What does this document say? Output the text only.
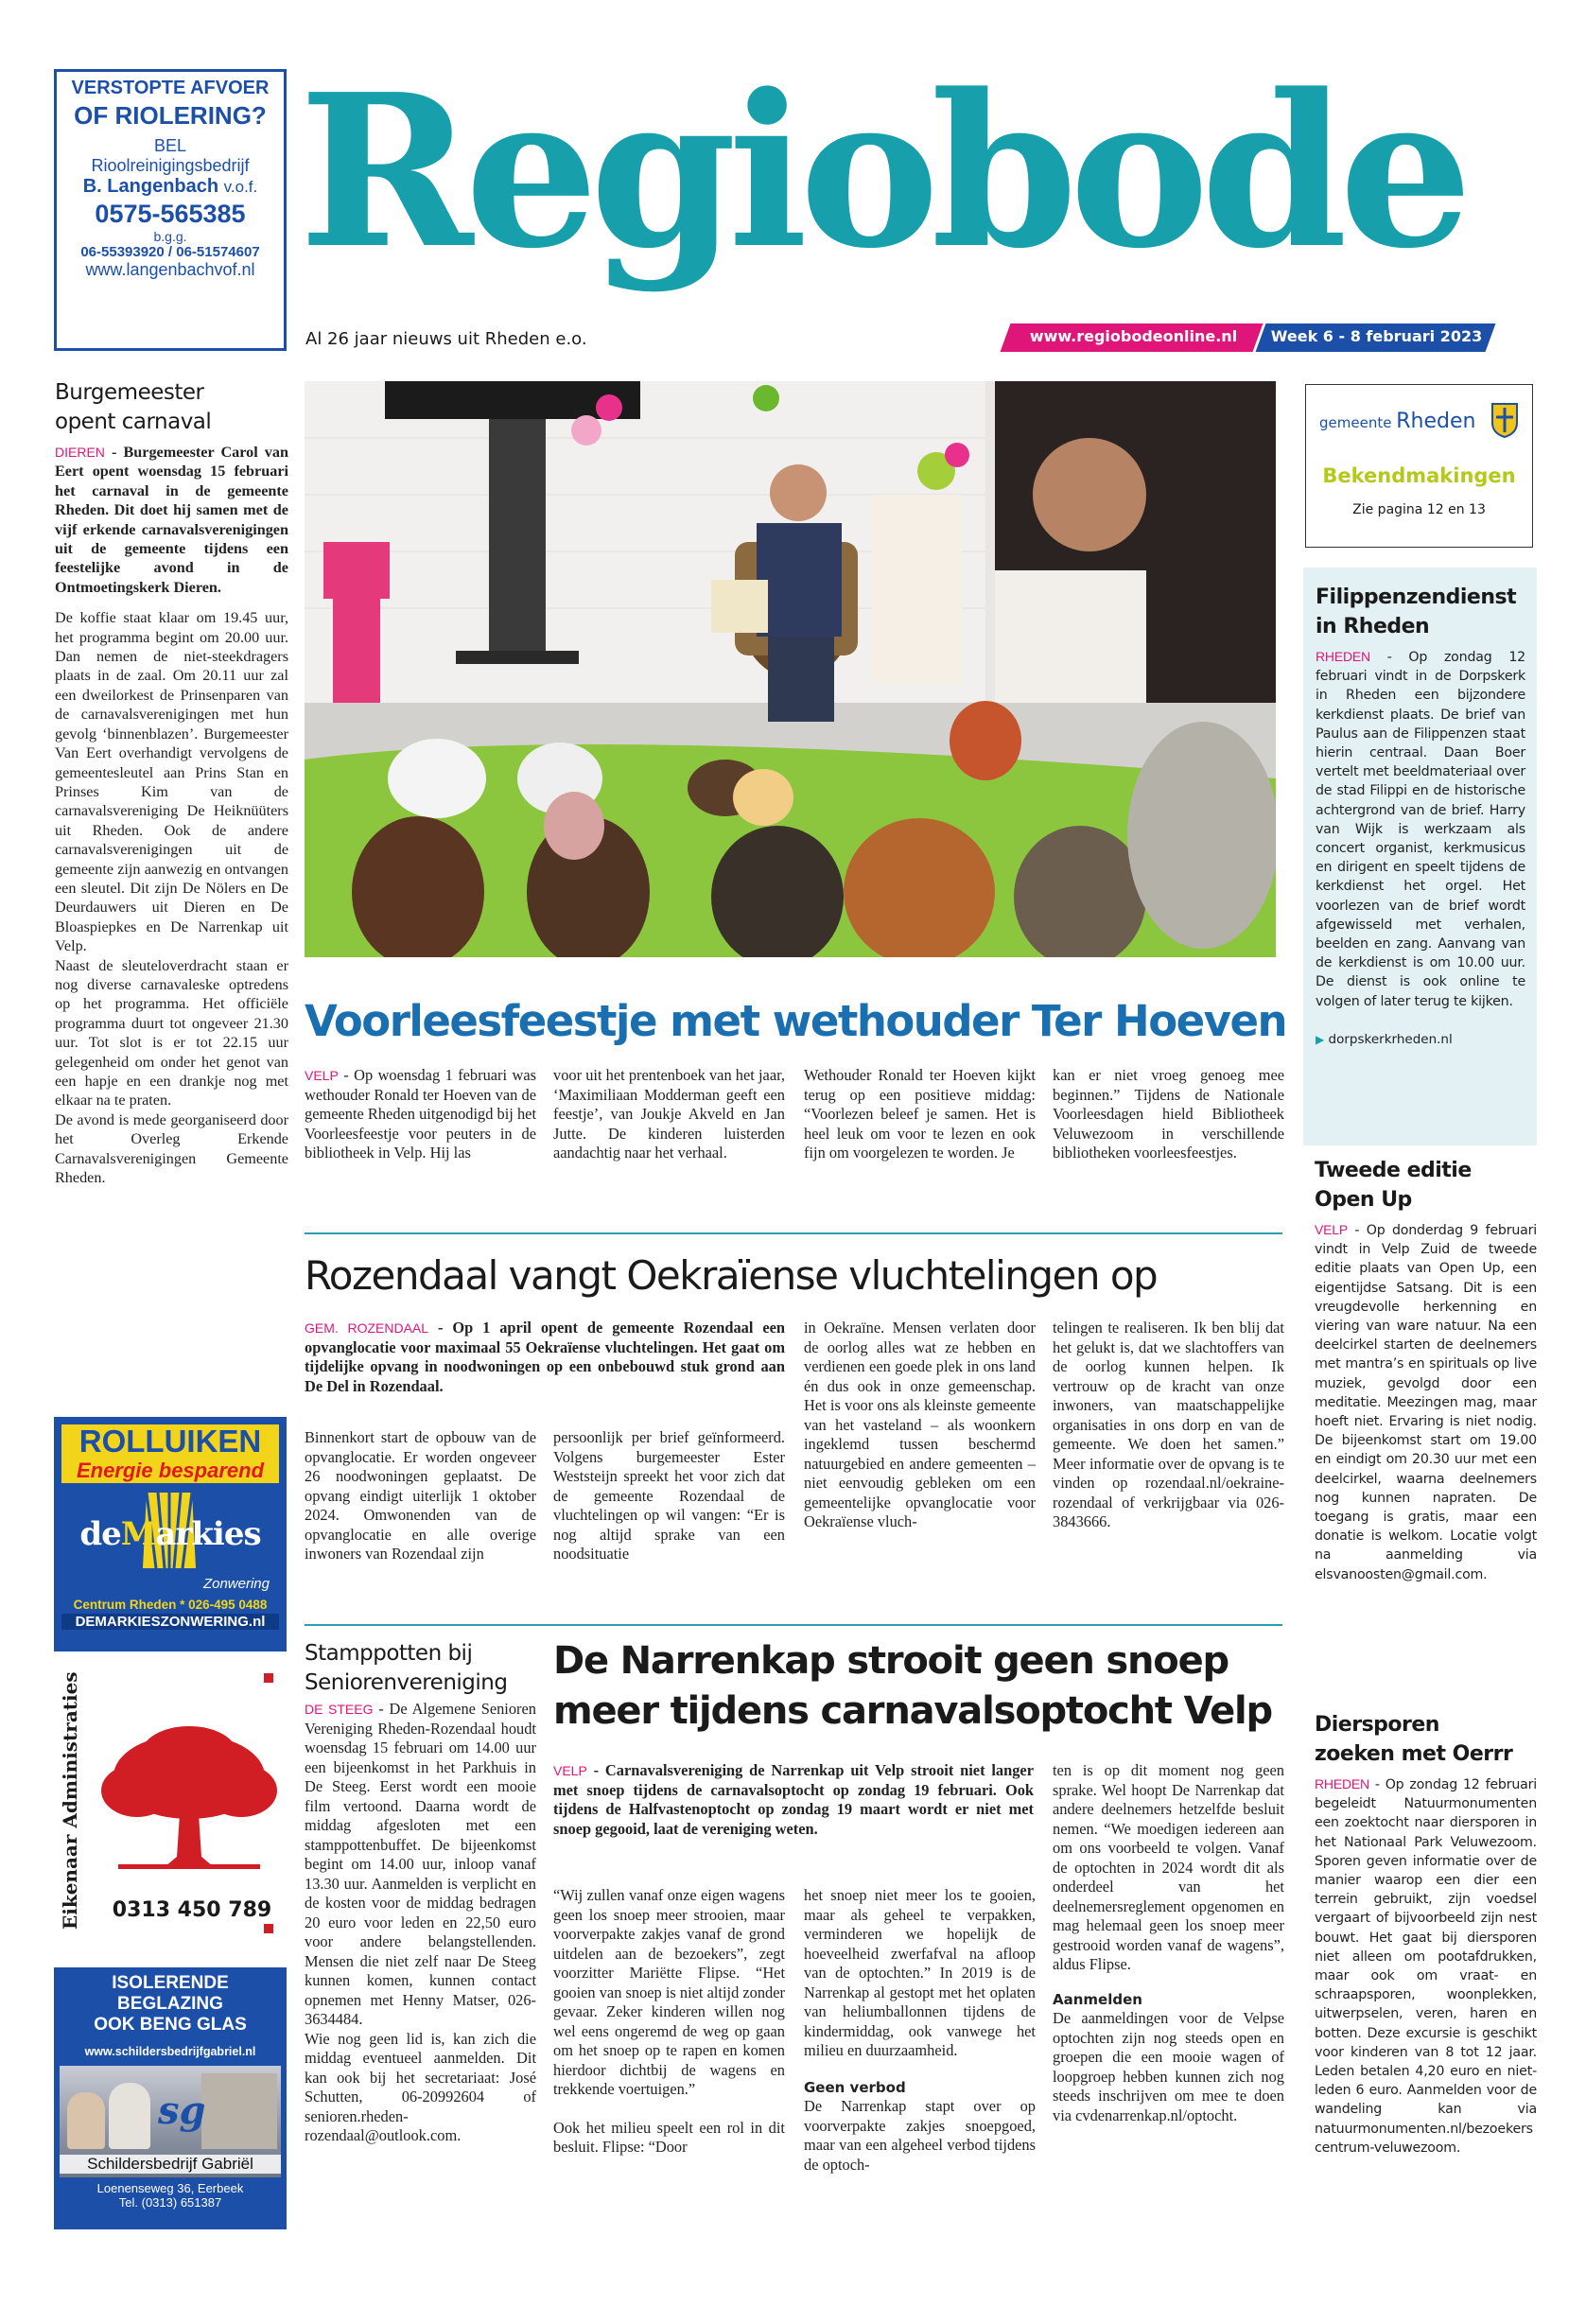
VERSTOPTE AFVOER
OF RIOLERING?
BEL
Rioolreinigingsbedrijf
B. Langenbach v.o.f.
0575-565385
b.g.g.
06-55393920 / 06-51574607
www.langenbachvof.nl Regiobode
Al 26 jaar nieuws uit Rheden e.o.	www.regiobodeonline.nl	Week 6 - 8 februari 2023
gemeente Rheden
Bekendmakingen
Zie pagina 12 en 13
Burgemeester
opent carnaval

DIEREN - Burgemeester Carol van Eert opent woensdag 15 februari het carnaval in de gemeente Rheden. Dit doet hij samen met de vijf erkende carnavalsverenigingen uit de gemeente tijdens een feestelijke avond in de Ontmoetingskerk Dieren.

De koffie staat klaar om 19.45 uur, het programma begint om 20.00 uur. Dan nemen de niet-steekdragers plaats in de zaal. Om 20.11 uur zal een dweilorkest de Prinsenparen van de carnavalsverenigingen met hun gevolg ‘binnenblazen’. Burgemeester Van Eert overhandigt vervolgens de gemeentesleutel aan Prins Stan en Prinses Kim van de carnavalsvereniging De Heiknüüters uit Rheden. Ook de andere carnavalsverenigingen uit de gemeente zijn aanwezig en ontvangen een sleutel. Dit zijn De Nölers en De Deurdauwers uit Dieren en De Bloaspiepkes en De Narrenkap uit Velp.

Naast de sleuteloverdracht staan er nog diverse carnavaleske optredens op het programma. Het officiële programma duurt tot ongeveer 21.30 uur. Tot slot is er tot 22.15 uur gelegenheid om onder het genot van een hapje en een drankje nog met elkaar na te praten.

De avond is mede georganiseerd door het Overleg Erkende Carnavalsverenigingen Gemeente Rheden.

ROLLUIKEN
Energie besparend
deMarkies
Zonwering
Centrum Rheden * 026-495 0488
DEMARKIESZONWERING.nl
Eikenaar Administraties 0313 450 789
ISOLERENDE
BEGLAZING
OOK BENG GLAS
www.schildersbedrijfgabriel.nl
sg
Schildersbedrijf Gabriël
Loenenseweg 36, Eerbeek
Tel. (0313) 651387
Voorleesfeestje met wethouder Ter Hoeven
VELP - Op woensdag 1 februari was wethouder Ronald ter Hoeven van de gemeente Rheden uitgenodigd bij het Voorleesfeestje voor peuters in de bibliotheek in Velp. Hij las
voor uit het prentenboek van het jaar, ‘Maximiliaan Modderman geeft een feestje’, van Joukje Akveld en Jan Jutte. De kinderen luisterden aandachtig naar het verhaal.
Wethouder Ronald ter Hoeven kijkt terug op een positieve middag: “Voorlezen beleef je samen. Het is heel leuk om voor te lezen en ook fijn om voorgelezen te worden. Je
kan er niet vroeg genoeg mee beginnen.” Tijdens de Nationale Voorleesdagen hield Bibliotheek Veluwezoom in verschillende bibliotheken voorleesfeestjes.
Rozendaal vangt Oekraïense vluchtelingen op
GEM. ROZENDAAL - Op 1 april opent de gemeente Rozendaal een opvanglocatie voor maximaal 55 Oekraïense vluchtelingen. Het gaat om tijdelijke opvang in noodwoningen op een onbebouwd stuk grond aan De Del in Rozendaal.
Binnenkort start de opbouw van de opvanglocatie. Er worden ongeveer 26 noodwoningen geplaatst. De opvang eindigt uiterlijk 1 oktober 2024. Omwonenden van de opvanglocatie en alle overige inwoners van Rozendaal zijn
persoonlijk per brief geïnformeerd. Volgens burgemeester Ester Weststeijn spreekt het voor zich dat de gemeente Rozendaal de vluchtelingen op wil vangen: “Er is nog altijd sprake van een noodsituatie
in Oekraïne. Mensen verlaten door de oorlog alles wat ze hebben en verdienen een goede plek in ons land én dus ook in onze gemeenschap. Het is voor ons als kleinste gemeente van het vasteland – als woonkern ingeklemd tussen beschermd natuurgebied en andere gemeenten – niet eenvoudig gebleken om een gemeentelijke opvanglocatie voor Oekraïense vluch-
telingen te realiseren. Ik ben blij dat het gelukt is, dat we slachtoffers van de oorlog kunnen helpen. Ik vertrouw op de kracht van onze inwoners, van maatschappelijke organisaties in ons dorp en van de gemeente. We doen het samen.” Meer informatie over de opvang is te vinden op rozendaal.nl/oekraine-rozendaal of verkrijgbaar via 026-3843666.
Stamppotten bij
Seniorenvereniging

DE STEEG - De Algemene Senioren Vereniging Rheden-Rozendaal houdt woensdag 15 februari om 14.00 uur een bijeenkomst in het Parkhuis in De Steeg. Eerst wordt een mooie film vertoond. Daarna wordt de middag afgesloten met een stamppottenbuffet. De bijeenkomst begint om 14.00 uur, inloop vanaf 13.30 uur. Aanmelden is verplicht en de kosten voor de middag bedragen 20 euro voor leden en 22,50 euro voor andere belangstellenden. Mensen die niet zelf naar De Steeg kunnen komen, kunnen contact opnemen met Henny Matser, 026-3634484.

Wie nog geen lid is, kan zich die middag eventueel aanmelden. Dit kan ook bij het secretariaat: José Schutten, 06-20992604 of senioren.rheden-rozendaal@outlook.com.

De Narrenkap strooit geen snoep
meer tijdens carnavalsoptocht Velp
VELP - Carnavalsvereniging de Narrenkap uit Velp strooit niet langer met snoep tijdens de carnavalsoptocht op zondag 19 februari. Ook tijdens de Halfvastenoptocht op zondag 19 maart wordt er niet met snoep gegooid, laat de vereniging weten.

“Wij zullen vanaf onze eigen wagens geen los snoep meer strooien, maar voorverpakte zakjes vanaf de grond uitdelen aan de bezoekers”, zegt voorzitter Mariëtte Flipse. “Het gooien van snoep is niet altijd zonder gevaar. Zeker kinderen willen nog wel eens ongeremd de weg op gaan om het snoep op te rapen en komen hierdoor dichtbij de wagens en trekkende voertuigen.”

Ook het milieu speelt een rol in dit besluit. Flipse: “Door

het snoep niet meer los te gooien, maar als geheel te verpakken, verminderen we hopelijk de hoeveelheid zwerfafval na afloop van de optochten.” In 2019 is de Narrenkap al gestopt met het oplaten van heliumballonnen tijdens de kindermiddag, ook vanwege het milieu en duurzaamheid.

Geen verbod

De Narrenkap stapt over op voorverpakte zakjes snoepgoed, maar van een algeheel verbod tijdens de optoch-

ten is op dit moment nog geen sprake. Wel hoopt De Narrenkap dat andere deelnemers hetzelfde besluit nemen. “We moedigen iedereen aan om ons voorbeeld te volgen. Vanaf de optochten in 2024 wordt dit als onderdeel van het deelnemersreglement opgenomen en mag helemaal geen los snoep meer gestrooid worden vanaf de wagens”, aldus Flipse.

Aanmelden

De aanmeldingen voor de Velpse optochten zijn nog steeds open en groepen die een mooie wagen of loopgroep hebben kunnen zich nog steeds inschrijven om mee te doen via cvdenarrenkap.nl/optocht.

Filippenzendienst
in Rheden

RHEDEN - Op zondag 12 februari vindt in de Dorpskerk in Rheden een bijzondere kerkdienst plaats. De brief van Paulus aan de Filippenzen staat hierin centraal. Daan Boer vertelt met beeldmateriaal over de stad Filippi en de historische achtergrond van de brief. Harry van Wijk is werkzaam als concert organist, kerkmusicus en dirigent en speelt tijdens de kerkdienst het orgel. Het voorlezen van de brief wordt afgewisseld met verhalen, beelden en zang. Aanvang van de kerkdienst is om 10.00 uur. De dienst is ook online te volgen of later terug te kijken.

▶ dorpskerkrheden.nl
Tweede editie
Open Up

VELP - Op donderdag 9 februari vindt in Velp Zuid de tweede editie plaats van Open Up, een eigentijdse Satsang. Dit is een vreugdevolle herkenning en viering van ware natuur. Na een deelcirkel starten de deelnemers met mantra’s en spirituals op live muziek, gevolgd door een meditatie. Meezingen mag, maar hoeft niet. Ervaring is niet nodig. De bijeenkomst start om 19.00 en eindigt om 20.30 uur met een deelcirkel, waarna deelnemers nog kunnen napraten. De toegang is gratis, maar een donatie is welkom. Locatie volgt na aanmelding via elsvanoosten@gmail.com.

Diersporen
zoeken met Oerrr

RHEDEN - Op zondag 12 februari begeleidt Natuurmonumenten een zoektocht naar diersporen in het Nationaal Park Veluwezoom. Sporen geven informatie over de manier waarop een dier een terrein gebruikt, zijn voedsel vergaart of bijvoorbeeld zijn nest bouwt. Het gaat bij diersporen niet alleen om pootafdrukken, maar ook om vraat- en schraapsporen, woonplekken, uitwerpselen, veren, haren en botten. Deze excursie is geschikt voor kinderen van 8 tot 12 jaar. Leden betalen 4,20 euro en niet-leden 6 euro. Aanmelden voor de wandeling kan via natuurmonumenten.nl/bezoekers centrum-veluwezoom.
